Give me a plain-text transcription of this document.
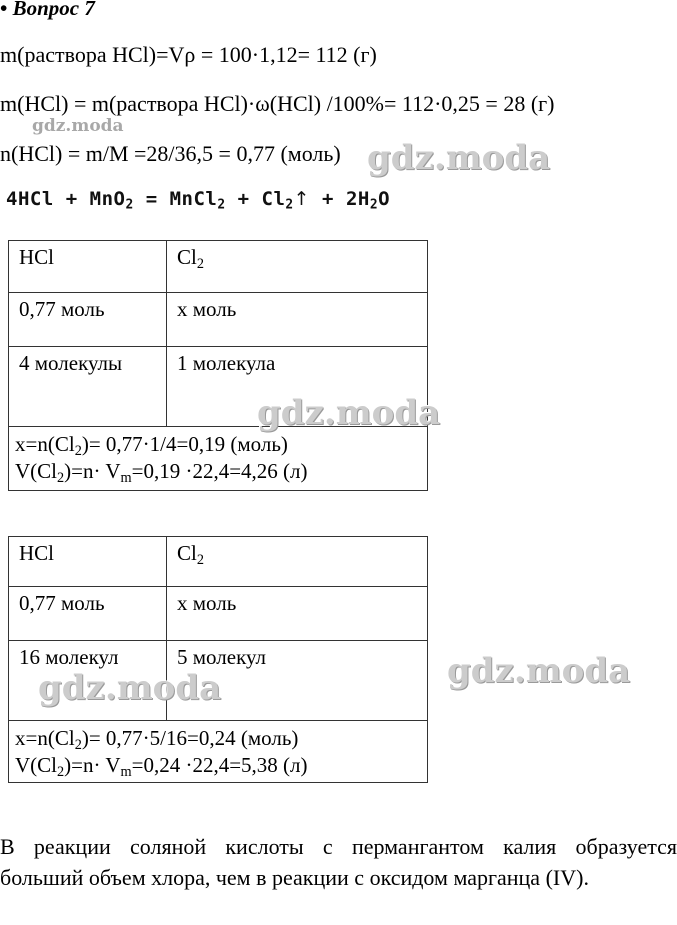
• Вопрос 7
m(раствора HCl)=Vρ = 100·1,12= 112 (г)
m(HCl) = m(раствора HCl)·ω(HCl) /100%= 112·0,25 = 28 (г)
n(HCl) = m/M =28/36,5 = 0,77 (моль)
4HCl + MnO$_2$ = MnCl$_2$ + $Cl_2↑ + 2H_2O$
HCl	$Cl_2$
0,77 моль	x моль
4 молекулы	1 молекула

$x=n(Cl_2)= 0,77\cdot 1/4=0,19$ (моль)
$V(Cl_2)=n\cdot V_m=0,19 \cdot 22,4=4,26$ (л)	
HCl	$Cl_2$
0,77 моль	x моль
16 молекул	5 молекул

$x=n(Cl_2)= 0,77\cdot 5/16=0,24$ (моль)
$V(Cl_2)=n\cdot V_m=0,24 \cdot 22,4=5,38$ (л)	
В реакции соляной кислоты с пермангантом калия образуется
больший объем хлора, чем в реакции с оксидом марганца (IV).
gdz.moda
gdz.moda
gdz.moda
gdz.moda
gdz.moda
